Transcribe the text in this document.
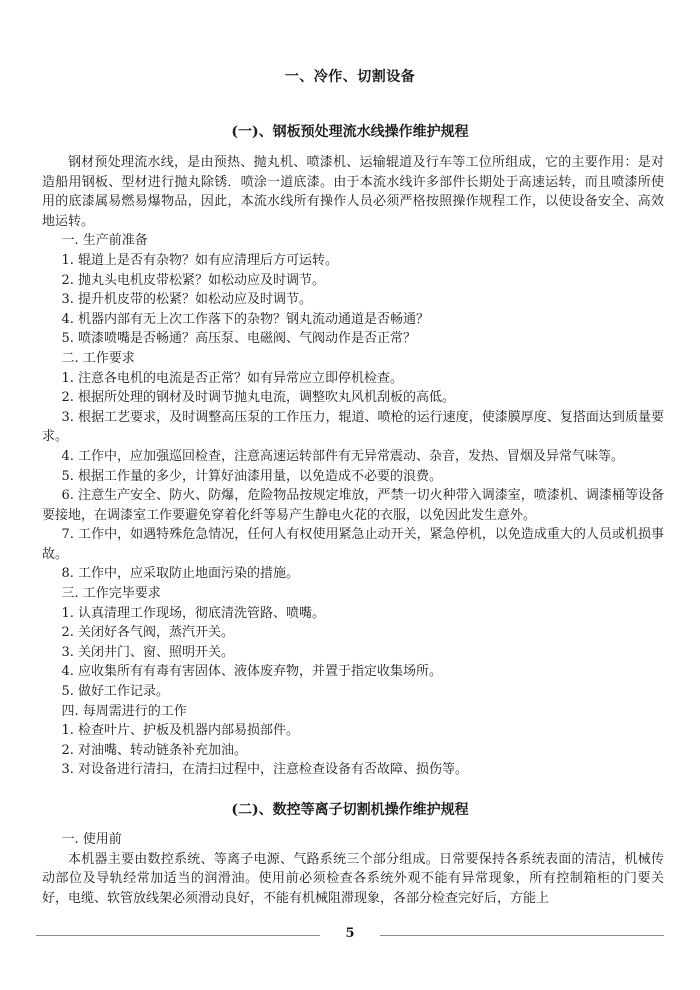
一、冷作、切割设备
(一)、钢板预处理流水线操作维护规程

钢材预处理流水线，是由预热、抛丸机、喷漆机、运输辊道及行车等工位所组成，它的主要作用：是对造船用钢板、型材进行抛丸除锈．喷涂一道底漆。由于本流水线许多部件长期处于高速运转，而且喷漆所使用的底漆属易燃易爆物品，因此，本流水线所有操作人员必须严格按照操作规程工作，以使设备安全、高效地运转。

一. 生产前准备

1. 辊道上是否有杂物？如有应清理后方可运转。

2. 抛丸头电机皮带松紧？如松动应及时调节。

3. 提升机皮带的松紧？如松动应及时调节。

4. 机器内部有无上次工作落下的杂物？钢丸流动通道是否畅通？

5. 喷漆喷嘴是否畅通？高压泵、电磁阀、气阀动作是否正常？

二. 工作要求

1. 注意各电机的电流是否正常？如有异常应立即停机检查。

2. 根据所处理的钢材及时调节抛丸电流，调整吹丸风机刮板的高低。

3. 根据工艺要求，及时调整高压泵的工作压力，辊道、喷枪的运行速度，使漆膜厚度、复搭面达到质量要求。

4. 工作中，应加强巡回检查，注意高速运转部件有无异常震动、杂音，发热、冒烟及异常气味等。

5. 根据工作量的多少，计算好油漆用量，以免造成不必要的浪费。

6. 注意生产安全、防火、防爆，危险物品按规定堆放，严禁一切火种带入调漆室，喷漆机、调漆桶等设备要接地，在调漆室工作要避免穿着化纤等易产生静电火花的衣服，以免因此发生意外。

7. 工作中，如遇特殊危急情况，任何人有权使用紧急止动开关，紧急停机，以免造成重大的人员或机损事故。

8. 工作中，应采取防止地面污染的措施。

三. 工作完毕要求

1. 认真清理工作现场，彻底清洗管路、喷嘴。

2. 关闭好各气阀，蒸汽开关。

3. 关闭井门、窗、照明开关。

4. 应收集所有有毒有害固体、液体废弃物，并置于指定收集场所。

5. 做好工作记录。

四. 每周需进行的工作

1. 检查叶片、护板及机器内部易损部件。

2. 对油嘴、转动链条补充加油。

3. 对设备进行清扫，在清扫过程中，注意检查设备有否故障、损伤等。

(二)、数控等离子切割机操作维护规程

一. 使用前

本机器主要由数控系统、等离子电源、气路系统三个部分组成。日常要保持各系统表面的清洁，机械传动部位及导轨经常加适当的润滑油。使用前必须检查各系统外观不能有异常现象，所有控制箱柜的门要关好，电缆、软管放线架必须滑动良好，不能有机械阻滞现象，各部分检查完好后，方能上

5
